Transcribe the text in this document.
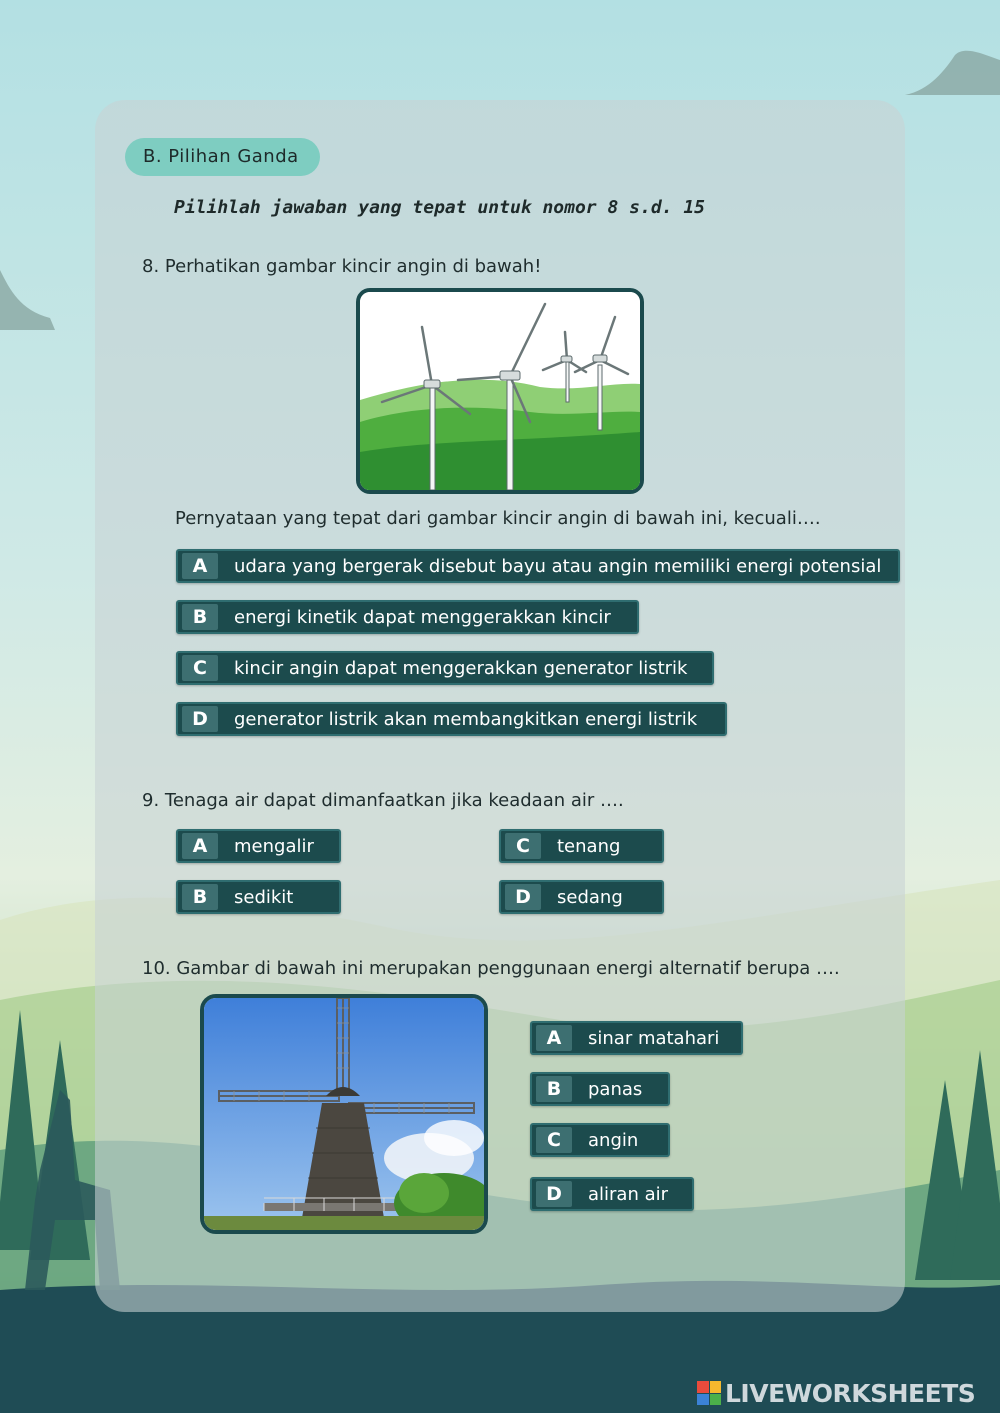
B. Pilihan Ganda
Pilihlah jawaban yang tepat untuk nomor 8 s.d. 15
8. Perhatikan gambar kincir angin di bawah!
Pernyataan yang tepat dari gambar kincir angin di bawah ini, kecuali….
A	udara yang bergerak disebut bayu atau angin memiliki energi potensial
B	energi kinetik dapat menggerakkan kincir
C	kincir angin dapat menggerakkan generator listrik
D	generator listrik akan membangkitkan energi listrik
9. Tenaga air dapat dimanfaatkan jika keadaan air ….
A	mengalir
B	sedikit
C	tenang
D	sedang
10. Gambar di bawah ini merupakan penggunaan energi alternatif berupa ….
A	sinar matahari
B	panas
C	angin
D	aliran air
LIVEWORKSHEETS
